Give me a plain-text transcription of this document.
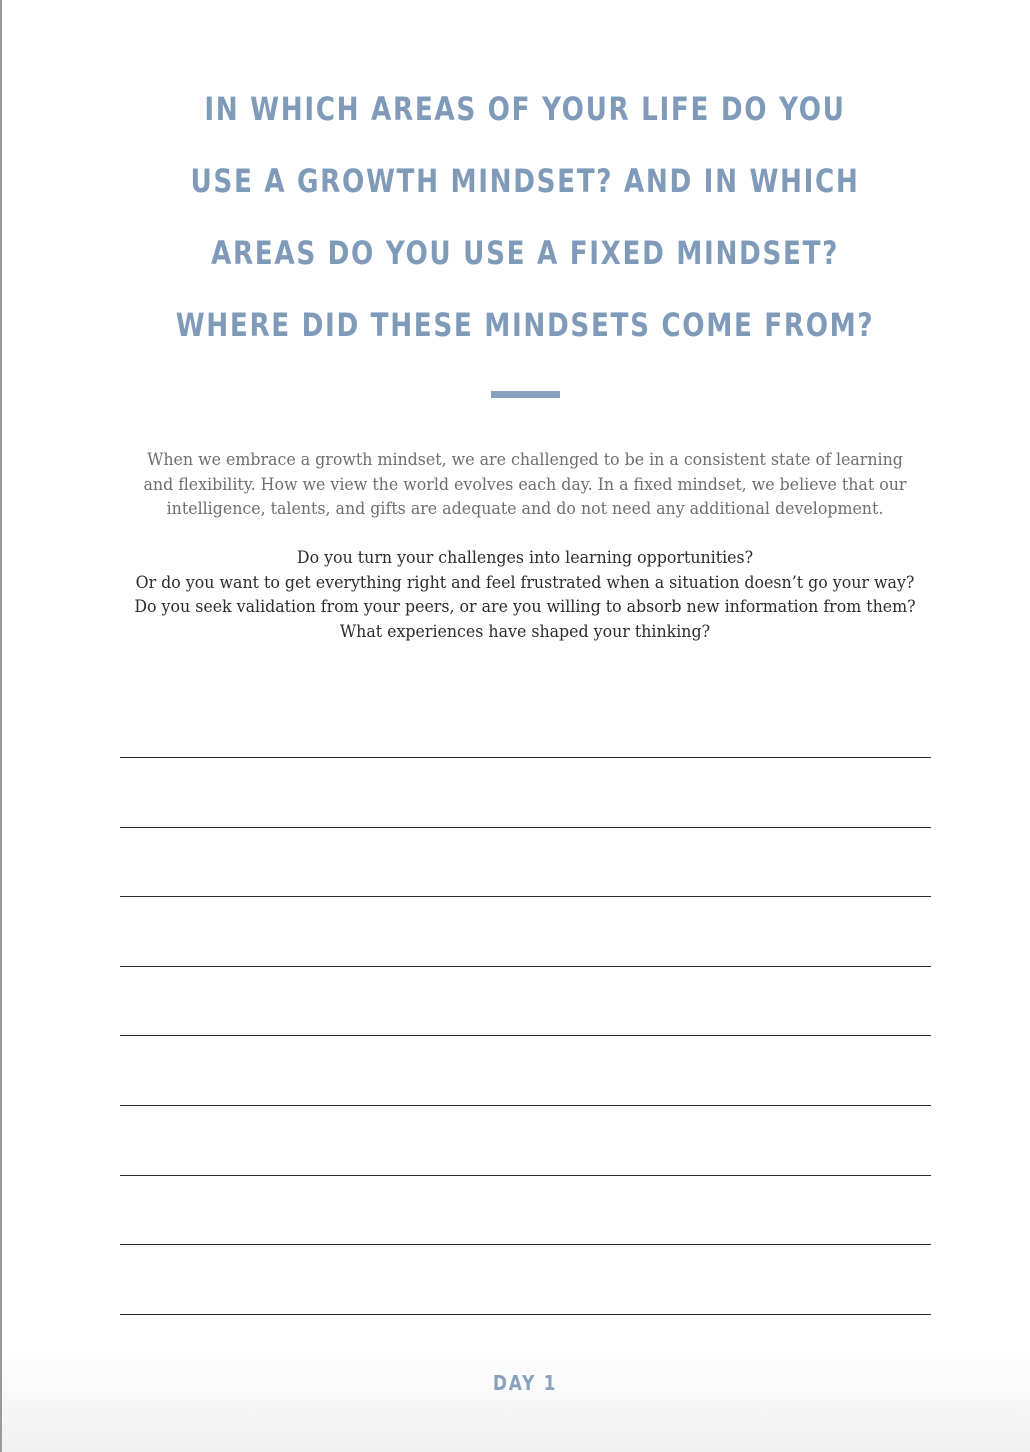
IN WHICH AREAS OF YOUR LIFE DO YOU
USE A GROWTH MINDSET? AND IN WHICH
AREAS DO YOU USE A FIXED MINDSET?
WHERE DID THESE MINDSETS COME FROM?
When we embrace a growth mindset, we are challenged to be in a consistent state of learning
and flexibility. How we view the world evolves each day. In a fixed mindset, we believe that our
intelligence, talents, and gifts are adequate and do not need any additional development.
Do you turn your challenges into learning opportunities?
Or do you want to get everything right and feel frustrated when a situation doesn’t go your way?
Do you seek validation from your peers, or are you willing to absorb new information from them?
What experiences have shaped your thinking?
DAY 1
